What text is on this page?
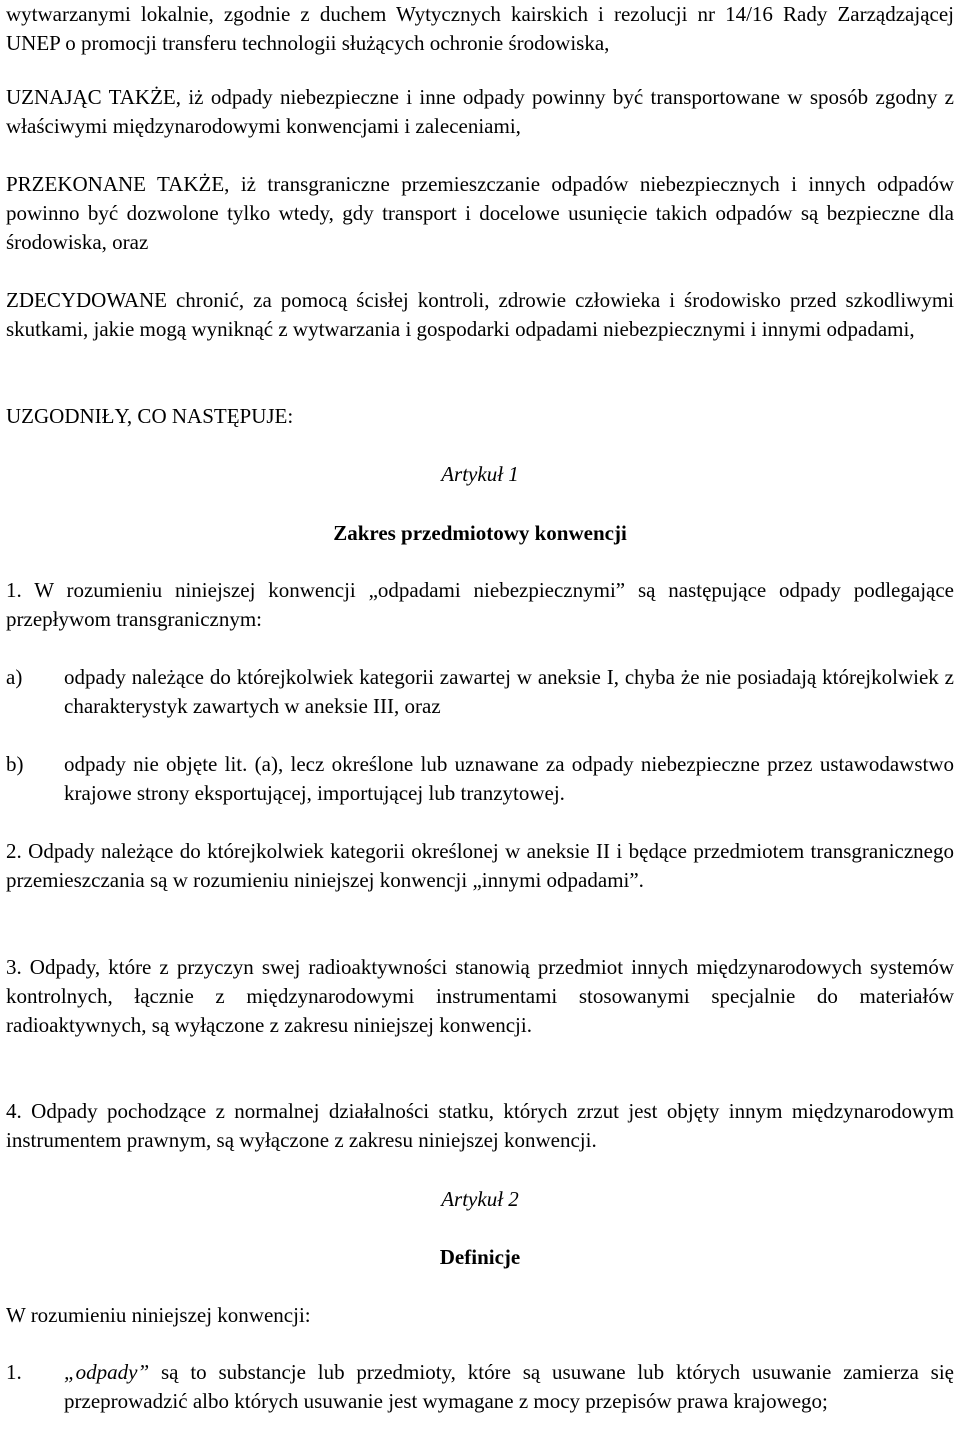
wytwarzanymi lokalnie, zgodnie z duchem Wytycznych kairskich i rezolucji nr 14/16 Rady Zarządzającej UNEP o promocji transferu technologii służących ochronie środowiska,

UZNAJĄC TAKŻE, iż odpady niebezpieczne i inne odpady powinny być transportowane w sposób zgodny z właściwymi międzynarodowymi konwencjami i zaleceniami,

PRZEKONANE TAKŻE, iż transgraniczne przemieszczanie odpadów niebezpiecznych i innych odpadów powinno być dozwolone tylko wtedy, gdy transport i docelowe usunięcie takich odpadów są bezpieczne dla środowiska, oraz

ZDECYDOWANE chronić, za pomocą ścisłej kontroli, zdrowie człowieka i środowisko przed szkodliwymi skutkami, jakie mogą wyniknąć z wytwarzania i gospodarki odpadami niebezpiecznymi i innymi odpadami,

UZGODNIŁY, CO NASTĘPUJE:

Artykuł 1

Zakres przedmiotowy konwencji

1. W rozumieniu niniejszej konwencji „odpadami niebezpiecznymi” są następujące odpady podlegające przepływom transgranicznym:

a) odpady należące do którejkolwiek kategorii zawartej w aneksie I, chyba że nie posiadają którejkolwiek z charakterystyk zawartych w aneksie III, oraz
b) odpady nie objęte lit. (a), lecz określone lub uznawane za odpady niebezpieczne przez ustawodawstwo krajowe strony eksportującej, importującej lub tranzytowej.

2. Odpady należące do którejkolwiek kategorii określonej w aneksie II i będące przedmiotem transgranicznego przemieszczania są w rozumieniu niniejszej konwencji „innymi odpadami”.

3. Odpady, które z przyczyn swej radioaktywności stanowią przedmiot innych międzynarodowych systemów kontrolnych, łącznie z międzynarodowymi instrumentami stosowanymi specjalnie do materiałów radioaktywnych, są wyłączone z zakresu niniejszej konwencji.

4. Odpady pochodzące z normalnej działalności statku, których zrzut jest objęty innym międzynarodowym instrumentem prawnym, są wyłączone z zakresu niniejszej konwencji.

Artykuł 2

Definicje

W rozumieniu niniejszej konwencji:

1. „odpady” są to substancje lub przedmioty, które są usuwane lub których usuwanie zamierza się przeprowadzić albo których usuwanie jest wymagane z mocy przepisów prawa krajowego;
